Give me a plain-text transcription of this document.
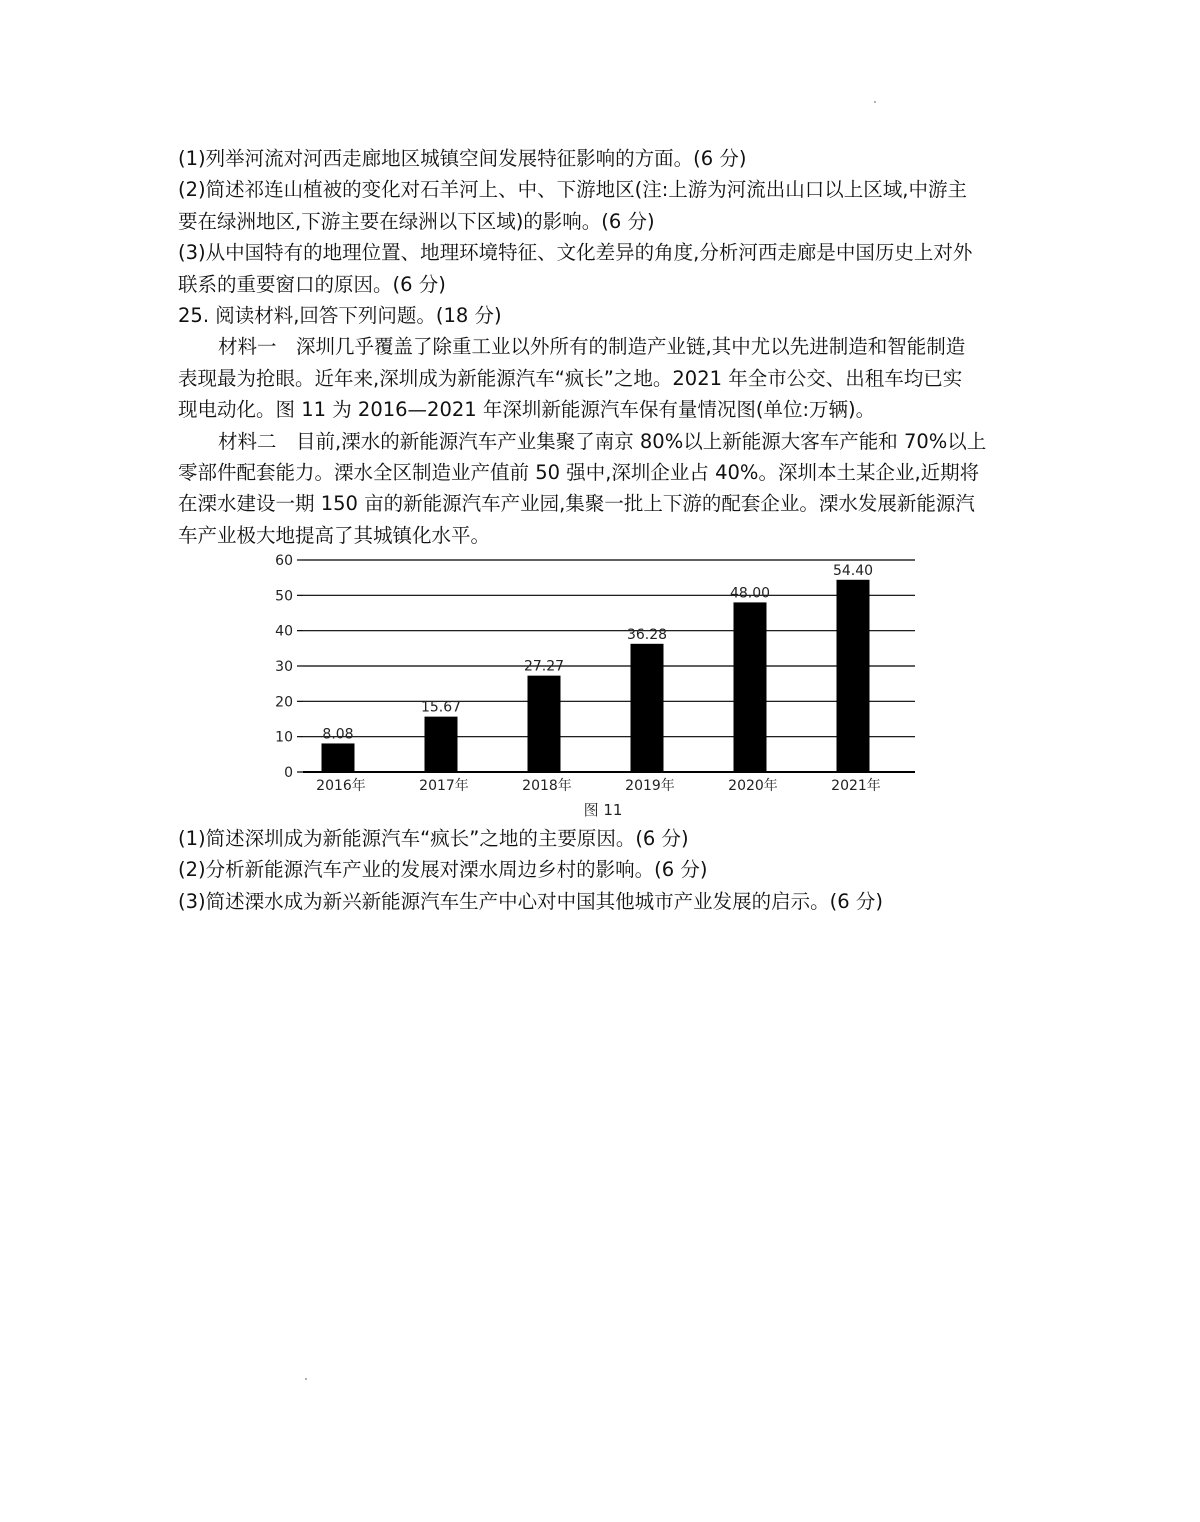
(1)列举河流对河西走廊地区城镇空间发展特征影响的方面。(6 分)

(2)简述祁连山植被的变化对石羊河上、中、下游地区(注:上游为河流出山口以上区域,中游主

要在绿洲地区,下游主要在绿洲以下区域)的影响。(6 分)

(3)从中国特有的地理位置、地理环境特征、文化差异的角度,分析河西走廊是中国历史上对外

联系的重要窗口的原因。(6 分)

25. 阅读材料,回答下列问题。(18 分)

材料一　深圳几乎覆盖了除重工业以外所有的制造产业链,其中尤以先进制造和智能制造

表现最为抢眼。近年来,深圳成为新能源汽车“疯长”之地。2021 年全市公交、出租车均已实

现电动化。图 11 为 2016—2021 年深圳新能源汽车保有量情况图(单位:万辆)。

材料二　目前,溧水的新能源汽车产业集聚了南京 80%以上新能源大客车产能和 70%以上

零部件配套能力。溧水全区制造业产值前 50 强中,深圳企业占 40%。深圳本土某企业,近期将

在溧水建设一期 150 亩的新能源汽车产业园,集聚一批上下游的配套企业。溧水发展新能源汽

车产业极大地提高了其城镇化水平。

0
10
20
30
40
50
60
8.08
2016年
15.67
2017年
27.27
2018年
36.28
2019年
48.00
2020年
54.40
2021年
图 11

(1)简述深圳成为新能源汽车“疯长”之地的主要原因。(6 分)

(2)分析新能源汽车产业的发展对溧水周边乡村的影响。(6 分)

(3)简述溧水成为新兴新能源汽车生产中心对中国其他城市产业发展的启示。(6 分)
